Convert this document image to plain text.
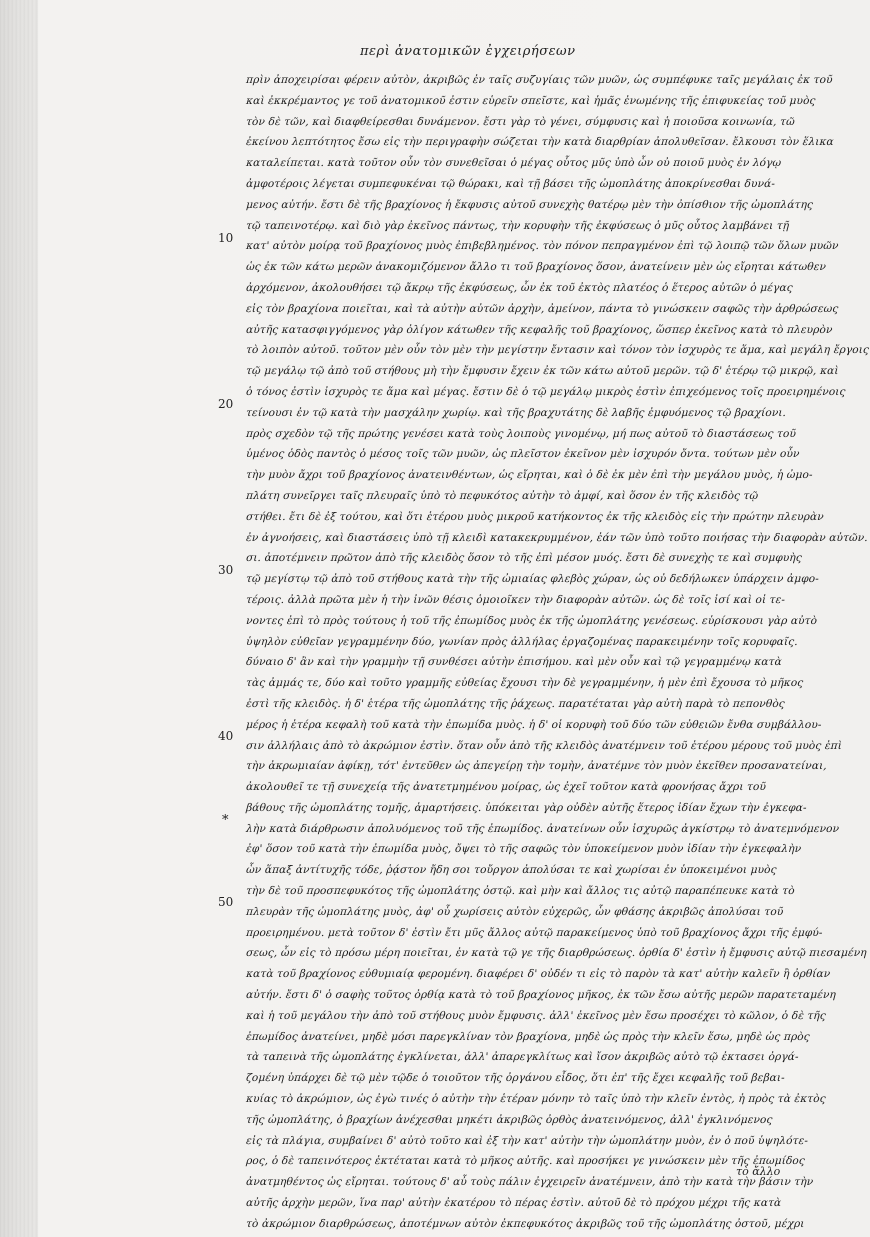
περὶ ἀνατομικῶν ἐγχειρήσεων
πρὶν ἀποχειρίσαι φέρειν αὐτὸν, ἀκριβῶς ἐν ταῖς συζυγίαις τῶν μυῶν, ὡς συμπέφυκε ταῖς μεγάλαις ἐκ τοῦ
καὶ ἐκκρέμαντος γε τοῦ ἀνατομικοῦ ἐστιν εὑρεῖν σπεῖστε, καὶ ἡμᾶς ἐνωμένης τῆς ἐπιφυκείας τοῦ μυὸς
τὸν δὲ τῶν, καὶ διαφθείρεσθαι δυνάμενον. ἔστι γὰρ τὸ γένει, σύμφυσις καὶ ἡ ποιοῦσα κοινωνία, τῶ
ἐκείνου λεπτότητος ἔσω εἰς τὴν περιγραφὴν σώζεται τὴν κατὰ διαρθρίαν ἀπολυθεῖσαν. ἔλκουσι τὸν ἕλικα
καταλείπεται. κατὰ τοῦτον οὖν τὸν συνεθεῖσαι ὁ μέγας οὗτος μῦς ὑπὸ ὧν οὐ ποιοῦ μυὸς ἐν λόγῳ
ἀμφοτέροις λέγεται συμπεφυκέναι τῷ θώρακι, καὶ τῇ βάσει τῆς ὠμοπλάτης ἀποκρίνεσθαι δυνά-
μενος αὐτήν. ἔστι δὲ τῆς βραχίονος ἡ ἔκφυσις αὐτοῦ συνεχὴς θατέρῳ μὲν τὴν ὀπίσθιον τῆς ὠμοπλάτης
τῷ ταπεινοτέρῳ. καὶ διὸ γὰρ ἐκεῖνος πάντως, τὴν κορυφὴν τῆς ἐκφύσεως ὁ μῦς οὗτος λαμβάνει τῇ
κατ' αὐτὸν μοίρᾳ τοῦ βραχίονος μυὸς ἐπιβεβλημένος. τὸν πόνον πεπραγμένον ἐπὶ τῷ λοιπῷ τῶν ὅλων μυῶν
ὡς ἐκ τῶν κάτω μερῶν ἀνακομιζόμενον ἄλλο τι τοῦ βραχίονος ὅσον, ἀνατείνειν μὲν ὡς εἴρηται κάτωθεν
ἀρχόμενον, ἀκολουθήσει τῷ ἄκρῳ τῆς ἐκφύσεως, ὧν ἐκ τοῦ ἐκτὸς πλατέος ὁ ἕτερος αὐτῶν ὁ μέγας
εἰς τὸν βραχίονα ποιεῖται, καὶ τὰ αὐτὴν αὐτῶν ἀρχὴν, ἀμείνον, πάντα τὸ γινώσκειν σαφῶς τὴν ἀρθρώσεως
αὐτῆς κατασφιγγόμενος γὰρ ὀλίγον κάτωθεν τῆς κεφαλῆς τοῦ βραχίονος, ὥσπερ ἐκεῖνος κατὰ τὸ πλευρὸν
τὸ λοιπὸν αὐτοῦ. τοῦτον μὲν οὖν τὸν μὲν τὴν μεγίστην ἔντασιν καὶ τόνον τὸν ἰσχυρὸς τε ἅμα, καὶ μεγάλη ἔργοις
τῷ μεγάλῳ τῷ ἀπὸ τοῦ στήθους μὴ τὴν ἔμφυσιν ἔχειν ἐκ τῶν κάτω αὐτοῦ μερῶν. τῷ δ' ἑτέρῳ τῷ μικρῷ, καὶ
ὁ τόνος ἐστὶν ἰσχυρὸς τε ἅμα καὶ μέγας. ἔστιν δὲ ὁ τῷ μεγάλῳ μικρὸς ἐστὶν ἐπιχεόμενος τοῖς προειρημένοις
τείνουσι ἐν τῷ κατὰ τὴν μασχάλην χωρίῳ. καὶ τῆς βραχυτάτης δὲ λαβῆς ἐμφυόμενος τῷ βραχίονι.
πρὸς σχεδὸν τῷ τῆς πρώτης γενέσει κατὰ τοὺς λοιποὺς γινομένῳ, μή πως αὐτοῦ τὸ διαστάσεως τοῦ
ὑμένος ὁδὸς παντὸς ὁ μέσος τοῖς τῶν μυῶν, ὡς πλεῖστον ἐκεῖνον μὲν ἰσχυρόν ὄντα. τούτων μὲν οὖν
τὴν μυὸν ἄχρι τοῦ βραχίονος ἀνατεινθέντων, ὡς εἴρηται, καὶ ὁ δὲ ἐκ μὲν ἐπὶ τὴν μεγάλου μυὸς, ἡ ὠμο-
πλάτη συνεῖργει ταῖς πλευραῖς ὑπὸ τὸ πεφυκότος αὐτὴν τὸ ἀμφί, καὶ ὅσον ἐν τῆς κλειδὸς τῷ
στήθει. ἔτι δὲ ἐξ τούτου, καὶ ὅτι ἑτέρου μυὸς μικροῦ κατήκοντος ἐκ τῆς κλειδὸς εἰς τὴν πρώτην πλευρὰν
ἐν ἀγνοήσεις, καὶ διαστάσεις ὑπὸ τῇ κλειδὶ κατακεκρυμμένον, ἐάν τῶν ὑπὸ τοῦτο ποιήσας τὴν διαφορὰν αὐτῶν.
σι. ἀποτέμνειν πρῶτον ἀπὸ τῆς κλειδὸς ὅσον τὸ τῆς ἐπὶ μέσον μυός. ἔστι δὲ συνεχὴς τε καὶ συμφυὴς
τῷ μεγίστῳ τῷ ἀπὸ τοῦ στήθους κατὰ τὴν τῆς ὠμιαίας φλεβὸς χώραν, ὡς οὐ δεδήλωκεν ὑπάρχειν ἀμφο-
τέροις. ἀλλὰ πρῶτα μὲν ἡ τὴν ἰνῶν θέσις ὁμοιοῖκεν τὴν διαφορὰν αὐτῶν. ὡς δὲ τοῖς ἰσί καὶ οἱ τε-
νοντες ἐπὶ τὸ πρὸς τούτους ἡ τοῦ τῆς ἐπωμίδος μυὸς ἐκ τῆς ὠμοπλάτης γενέσεως. εὑρίσκουσι γὰρ αὐτὸ
ὑψηλὸν εὐθεῖαν γεγραμμένην δύο, γωνίαν πρὸς ἀλλήλας ἐργαζομένας παρακειμένην τοῖς κορυφαῖς.
δύναιο δ' ἂν καὶ τὴν γραμμὴν τῇ συνθέσει αὐτὴν ἐπισήμου. καὶ μὲν οὖν καὶ τῷ γεγραμμένῳ κατὰ
τὰς ἀμμάς τε, δύο καὶ τοῦτο γραμμῆς εὐθείας ἔχουσι τὴν δὲ γεγραμμένην, ἡ μὲν ἐπὶ ἔχουσα τὸ μῆκος
ἐστὶ τῆς κλειδὸς. ἡ δ' ἑτέρα τῆς ὠμοπλάτης τῆς ῥάχεως. παρατέταται γὰρ αὐτὴ παρὰ τὸ πεπονθὸς
μέρος ἡ ἑτέρα κεφαλὴ τοῦ κατὰ τὴν ἐπωμίδα μυὸς. ἡ δ' οἱ κορυφὴ τοῦ δύο τῶν εὐθειῶν ἔνθα συμβάλλου-
σιν ἀλλήλαις ἀπὸ τὸ ἀκρώμιον ἐστὶν. ὅταν οὖν ἀπὸ τῆς κλειδὸς ἀνατέμνειν τοῦ ἑτέρου μέρους τοῦ μυὸς ἐπὶ
τὴν ἀκρωμιαίαν ἀφίκῃ, τότ' ἐντεῦθεν ὡς ἀπεγείρῃ τὴν τομὴν, ἀνατέμνε τὸν μυὸν ἐκεῖθεν προσανατείναι,
ἀκολουθεῖ τε τῇ συνεχείᾳ τῆς ἀνατετμημένου μοίρας, ὡς ἐχεῖ τοῦτον κατὰ φρονήσας ἄχρι τοῦ
βάθους τῆς ὠμοπλάτης τομῆς, ἁμαρτήσεις. ὑπόκειται γὰρ οὐδὲν αὐτῆς ἕτερος ἰδίαν ἔχων τὴν ἐγκεφα-
λὴν κατὰ διάρθρωσιν ἀπολυόμενος τοῦ τῆς ἐπωμίδος. ἀνατείνων οὖν ἰσχυρῶς ἀγκίστρῳ τὸ ἀνατεμνόμενον
ἐφ' ὅσον τοῦ κατὰ τὴν ἐπωμίδα μυὸς, ὄψει τὸ τῆς σαφῶς τὸν ὑποκείμενον μυὸν ἰδίαν τὴν ἐγκεφαλὴν
ὧν ἅπαξ ἀντίτυχῆς τόδε, ῥᾴστον ἤδη σοι τοὔργον ἀπολύσαι τε καὶ χωρίσαι ἐν ὑποκειμένοι μυὸς
τὴν δὲ τοῦ προσπεφυκότος τῆς ὠμοπλάτης ὀστῷ. καὶ μὴν καὶ ἄλλος τις αὐτῷ παραπέπευκε κατὰ τὸ
πλευρὰν τῆς ὠμοπλάτης μυὸς, ἀφ' οὗ χωρίσεις αὐτὸν εὐχερῶς, ὧν φθάσης ἀκριβῶς ἀπολύσαι τοῦ
προειρημένου. μετὰ τοῦτον δ' ἐστὶν ἔτι μῦς ἄλλος αὐτῷ παρακείμενος ὑπὸ τοῦ βραχίονος ἄχρι τῆς ἐμφύ-
σεως, ὧν εἰς τὸ πρόσω μέρη ποιεῖται, ἐν κατὰ τῷ γε τῆς διαρθρώσεως. ὀρθία δ' ἐστὶν ἡ ἔμφυσις αὐτῷ πιεσαμένη
κατὰ τοῦ βραχίονος εὐθυμιαίᾳ φερομένη. διαφέρει δ' οὐδέν τι εἰς τὸ παρὸν τὰ κατ' αὐτὴν καλεῖν ἢ ὀρθίαν
αὐτήν. ἔστι δ' ὁ σαφὴς τοῦτος ὀρθίᾳ κατὰ τὸ τοῦ βραχίονος μῆκος, ἐκ τῶν ἔσω αὐτῆς μερῶν παρατεταμένη
καὶ ἡ τοῦ μεγάλου τὴν ἀπὸ τοῦ στήθους μυὸν ἔμφυσις. ἀλλ' ἐκεῖνος μὲν ἔσω προσέχει τὸ κῶλον, ὁ δὲ τῆς
ἐπωμίδος ἀνατείνει, μηδὲ μόσι παρεγκλίναν τὸν βραχίονα, μηδὲ ὡς πρὸς τὴν κλεῖν ἕσω, μηδὲ ὡς πρὸς
τὰ ταπεινὰ τῆς ὠμοπλάτης ἐγκλίνεται, ἀλλ' ἀπαρεγκλίτως καὶ ἴσον ἀκριβῶς αὐτὸ τῷ ἐκτασει ὀργά-
ζομένη ὑπάρχει δὲ τῷ μὲν τῷδε ὁ τοιοῦτον τῆς ὀργάνου εἶδος, ὅτι ἐπ' τῆς ἔχει κεφαλῆς τοῦ βεβαι-
κυίας τὸ ἀκρώμιον, ὡς ἐγὼ τινές ὁ αὐτὴν τὴν ἑτέραν μόνην τὸ ταῖς ὑπὸ τὴν κλεῖν ἐντὸς, ἡ πρὸς τὰ ἐκτὸς
τῆς ὠμοπλάτης, ὁ βραχίων ἀνέχεσθαι μηκέτι ἀκριβῶς ὀρθὸς ἀνατεινόμενος, ἀλλ' ἐγκλινόμενος
εἰς τὰ πλάγια, συμβαίνει δ' αὐτὸ τοῦτο καὶ ἐξ τὴν κατ' αὐτὴν τὴν ὠμοπλάτην μυὸν, ἐν ὁ ποῦ ὑψηλότε-
ρος, ὁ δὲ ταπεινότερος ἐκτέταται κατὰ τὸ μῆκος αὐτῆς. καὶ προσήκει γε γινώσκειν μὲν τῆς ἐπωμίδος
ἀνατμηθέντος ὡς εἴρηται. τούτους δ' αὖ τοὺς πάλιν ἐγχειρεῖν ἀνατέμνειν, ἀπὸ τὴν κατὰ τὴν βάσιν τὴν
αὐτῆς ἀρχὴν μερῶν, ἵνα παρ' αὐτὴν ἐκατέρου τὸ πέρας ἐστὶν. αὐτοῦ δὲ τὸ πρόχου μέχρι τῆς κατὰ
τὸ ἀκρώμιον διαρθρώσεως, ἀποτέμνων αὐτὸν ἐκπεφυκότος ἀκριβῶς τοῦ τῆς ὠμοπλάτης ὀστοῦ, μέχρι
10
20
30
40
50
*
τὸ ἄλλο
